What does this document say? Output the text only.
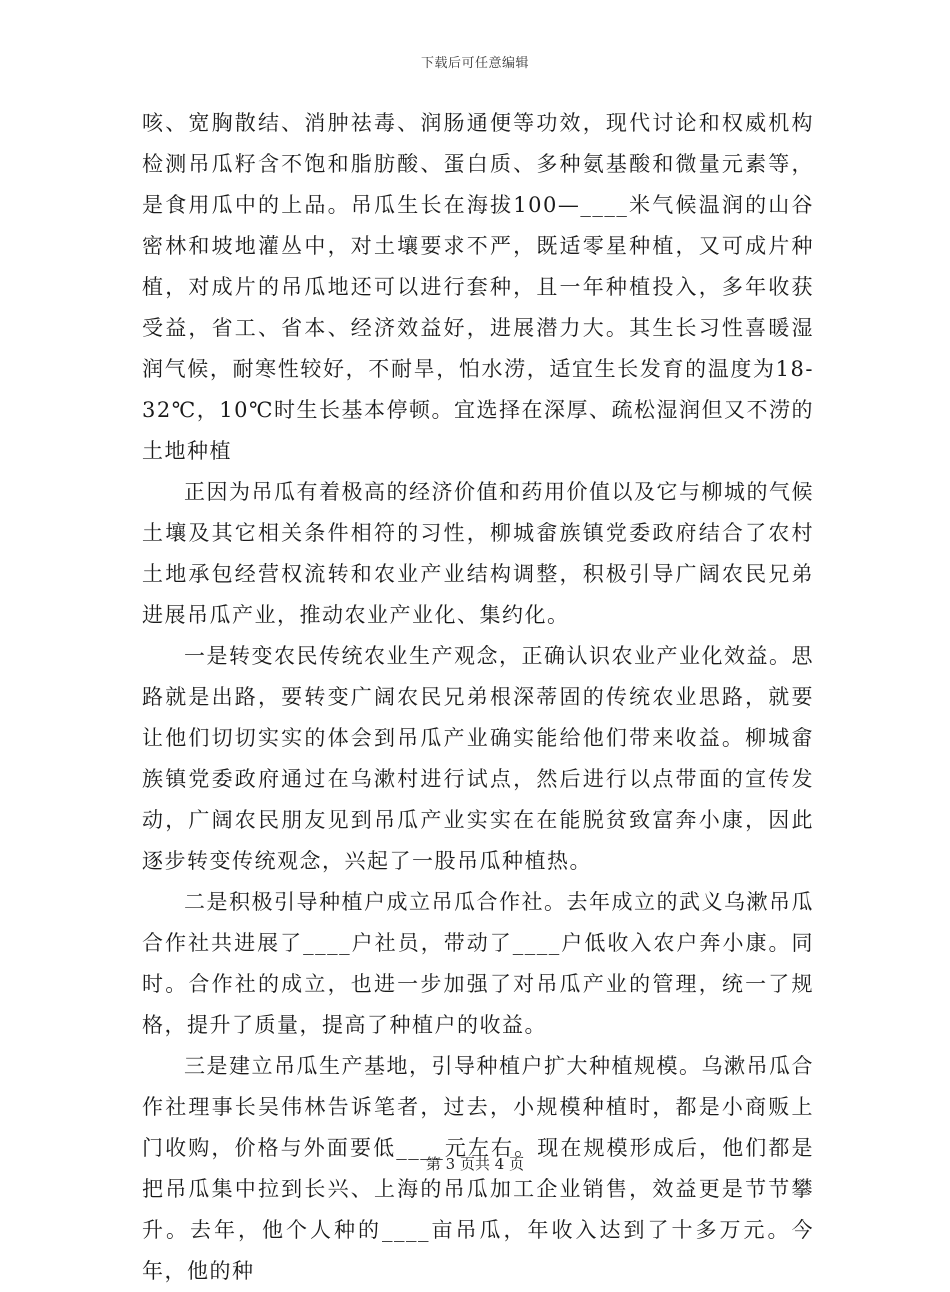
下载后可任意编辑

咳、宽胸散结、消肿祛毒、润肠通便等功效，现代讨论和权威机构检测吊瓜籽含不饱和脂肪酸、蛋白质、多种氨基酸和微量元素等，是食用瓜中的上品。吊瓜生长在海拔100—____米气候温润的山谷密林和坡地灌丛中，对土壤要求不严，既适零星种植，又可成片种植，对成片的吊瓜地还可以进行套种，且一年种植投入，多年收获受益，省工、省本、经济效益好，进展潜力大。其生长习性喜暖湿润气候，耐寒性较好，不耐旱，怕水涝，适宜生长发育的温度为18-32℃，10℃时生长基本停顿。宜选择在深厚、疏松湿润但又不涝的土地种植

正因为吊瓜有着极高的经济价值和药用价值以及它与柳城的气候土壤及其它相关条件相符的习性，柳城畲族镇党委政府结合了农村土地承包经营权流转和农业产业结构调整，积极引导广阔农民兄弟进展吊瓜产业，推动农业产业化、集约化。

一是转变农民传统农业生产观念，正确认识农业产业化效益。思路就是出路，要转变广阔农民兄弟根深蒂固的传统农业思路，就要让他们切切实实的体会到吊瓜产业确实能给他们带来收益。柳城畲族镇党委政府通过在乌漱村进行试点，然后进行以点带面的宣传发动，广阔农民朋友见到吊瓜产业实实在在能脱贫致富奔小康，因此逐步转变传统观念，兴起了一股吊瓜种植热。

二是积极引导种植户成立吊瓜合作社。去年成立的武义乌漱吊瓜合作社共进展了____户社员，带动了____户低收入农户奔小康。同时。合作社的成立，也进一步加强了对吊瓜产业的管理，统一了规格，提升了质量，提高了种植户的收益。

三是建立吊瓜生产基地，引导种植户扩大种植规模。乌漱吊瓜合作社理事长吴伟林告诉笔者，过去，小规模种植时，都是小商贩上门收购，价格与外面要低____元左右。现在规模形成后，他们都是把吊瓜集中拉到长兴、上海的吊瓜加工企业销售，效益更是节节攀升。去年，他个人种的____亩吊瓜，年收入达到了十多万元。今年，他的种

第 3 页共 4 页
